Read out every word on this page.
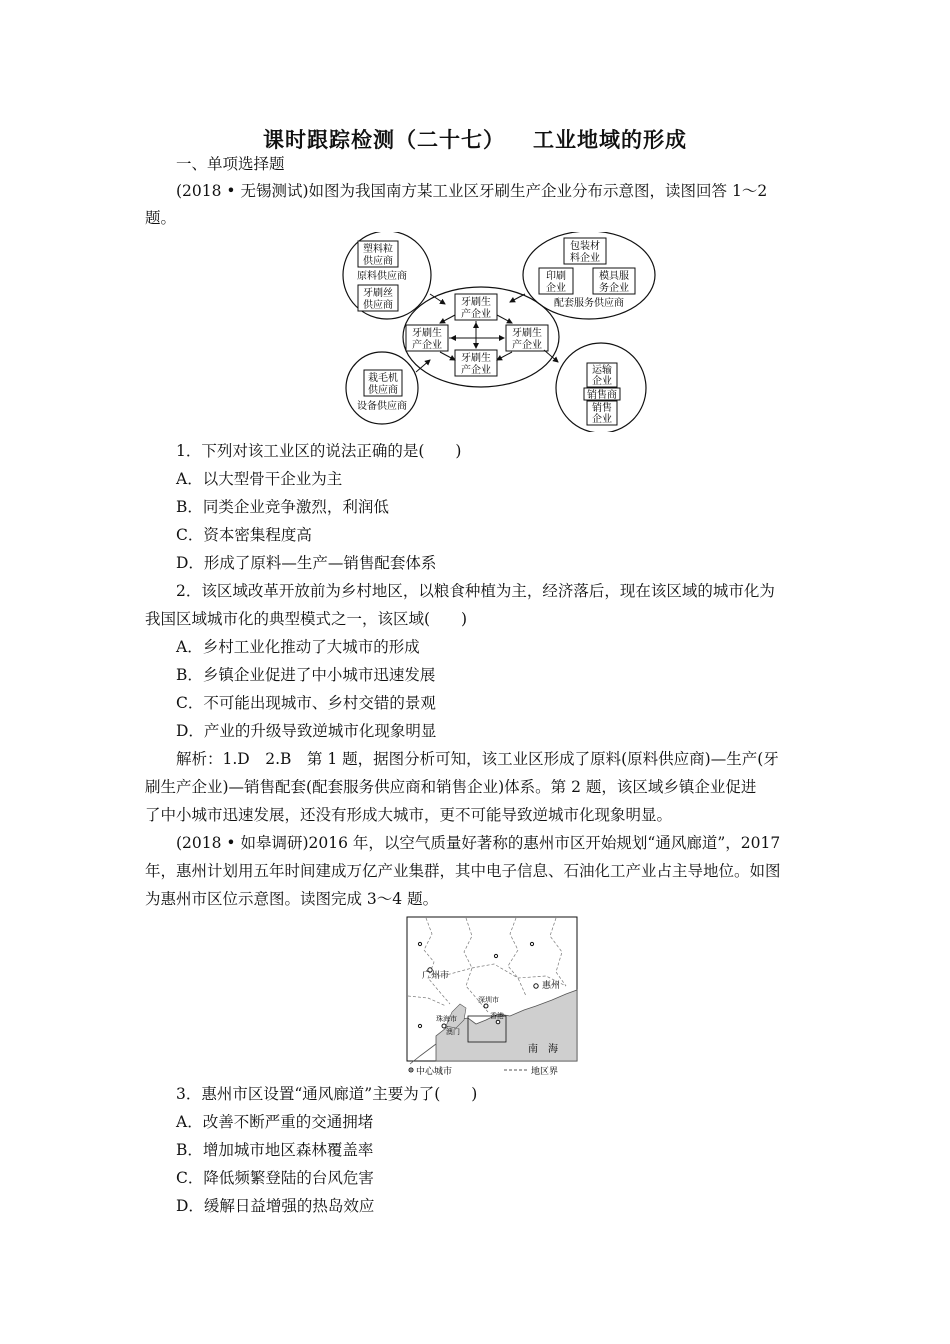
课时跟踪检测（二十七） 工业地域的形成
一、单项选择题
(2018 • 无锡测试)如图为我国南方某工业区牙刷生产企业分布示意图，读图回答 1～2
题。
塑料粒
供应商
原料供应商
牙刷丝
供应商
包装材
料企业
印刷
企业
模具服
务企业
配套服务供应商
栽毛机
供应商
设备供应商
运输
企业
销售商
销售
企业
牙刷生
产企业
牙刷生
产企业
牙刷生
产企业
牙刷生
产企业
1．下列对该工业区的说法正确的是(　　)
A．以大型骨干企业为主
B．同类企业竞争激烈，利润低
C．资本密集程度高
D．形成了原料—生产—销售配套体系
2．该区域改革开放前为乡村地区，以粮食种植为主，经济落后，现在该区域的城市化为
我国区域城市化的典型模式之一，该区域(　　)
A．乡村工业化推动了大城市的形成
B．乡镇企业促进了中小城市迅速发展
C．不可能出现城市、乡村交错的景观
D．产业的升级导致逆城市化现象明显
解析：1.D　2.B　第 1 题，据图分析可知，该工业区形成了原料(原料供应商)—生产(牙
刷生产企业)—销售配套(配套服务供应商和销售企业)体系。第 2 题，该区域乡镇企业促进
了中小城市迅速发展，还没有形成大城市，更不可能导致逆城市化现象明显。
(2018 • 如皋调研)2016 年，以空气质量好著称的惠州市区开始规划“通风廊道”，2017
年，惠州计划用五年时间建成万亿产业集群，其中电子信息、石油化工产业占主导地位。如图
为惠州市区位示意图。读图完成 3～4 题。
广州市
惠州
深圳市
珠海市
澳门
香港
南　海
中心城市	地区界
3．惠州市区设置“通风廊道”主要为了(　　)
A．改善不断严重的交通拥堵
B．增加城市地区森林覆盖率
C．降低频繁登陆的台风危害
D．缓解日益增强的热岛效应
